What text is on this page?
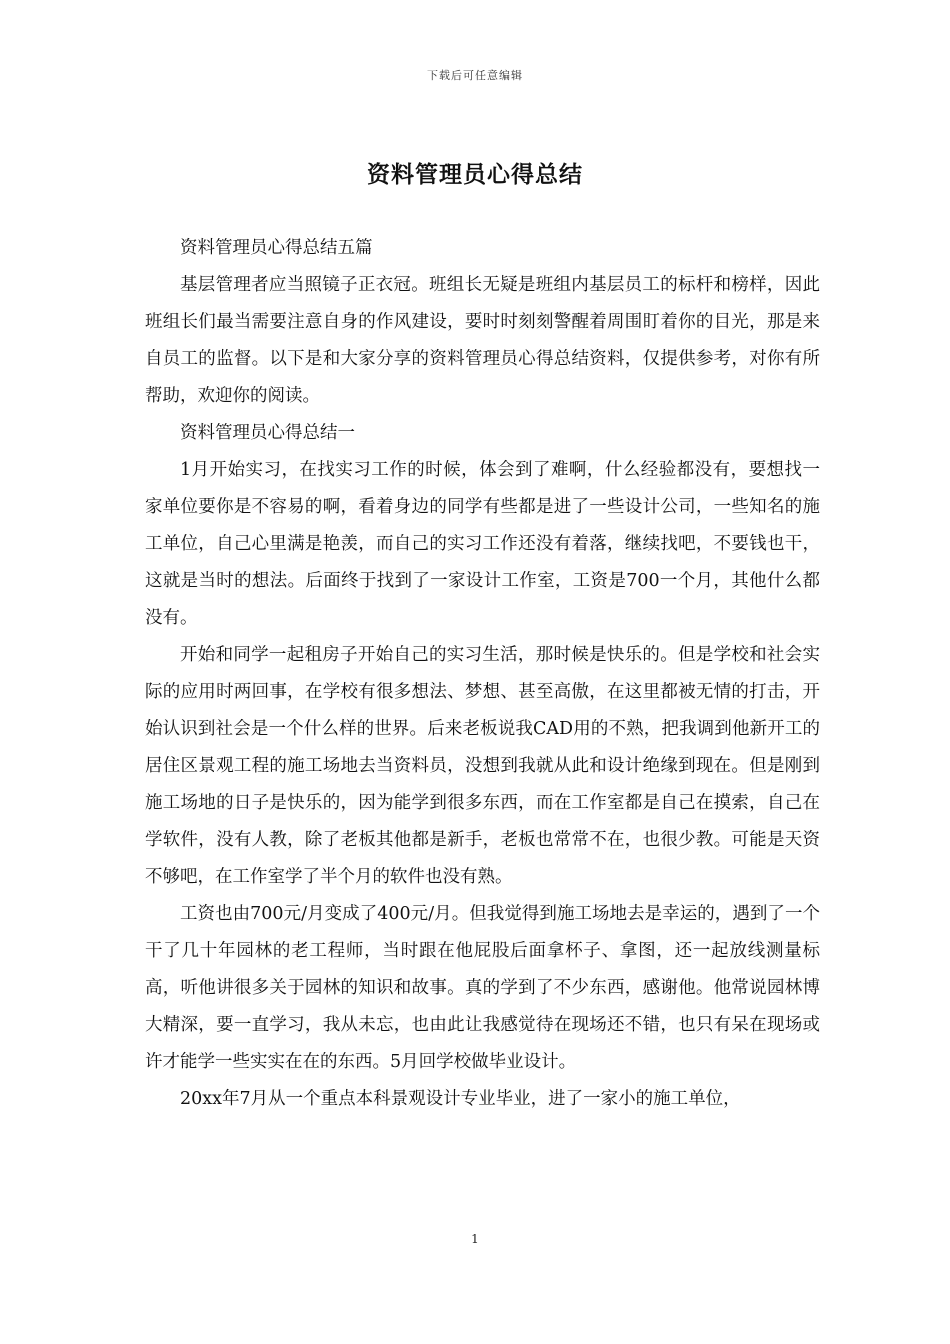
下载后可任意编辑
资料管理员心得总结

资料管理员心得总结五篇

基层管理者应当照镜子正衣冠。班组长无疑是班组内基层员工的标杆和榜样，因此班组长们最当需要注意自身的作风建设，要时时刻刻警醒着周围盯着你的目光，那是来自员工的监督。以下是和大家分享的资料管理员心得总结资料，仅提供参考，对你有所帮助，欢迎你的阅读。

资料管理员心得总结一

1月开始实习，在找实习工作的时候，体会到了难啊，什么经验都没有，要想找一家单位要你是不容易的啊，看着身边的同学有些都是进了一些设计公司，一些知名的施工单位，自己心里满是艳羡，而自己的实习工作还没有着落，继续找吧，不要钱也干，这就是当时的想法。后面终于找到了一家设计工作室，工资是700一个月，其他什么都没有。

开始和同学一起租房子开始自己的实习生活，那时候是快乐的。但是学校和社会实际的应用时两回事，在学校有很多想法、梦想、甚至高傲，在这里都被无情的打击，开始认识到社会是一个什么样的世界。后来老板说我CAD用的不熟，把我调到他新开工的居住区景观工程的施工场地去当资料员，没想到我就从此和设计绝缘到现在。但是刚到施工场地的日子是快乐的，因为能学到很多东西，而在工作室都是自己在摸索，自己在学软件，没有人教，除了老板其他都是新手，老板也常常不在，也很少教。可能是天资不够吧，在工作室学了半个月的软件也没有熟。

工资也由700元/月变成了400元/月。但我觉得到施工场地去是幸运的，遇到了一个干了几十年园林的老工程师，当时跟在他屁股后面拿杯子、拿图，还一起放线测量标高，听他讲很多关于园林的知识和故事。真的学到了不少东西，感谢他。他常说园林博大精深，要一直学习，我从未忘，也由此让我感觉待在现场还不错，也只有呆在现场或许才能学一些实实在在的东西。5月回学校做毕业设计。

20xx年7月从一个重点本科景观设计专业毕业，进了一家小的施工单位，

1
